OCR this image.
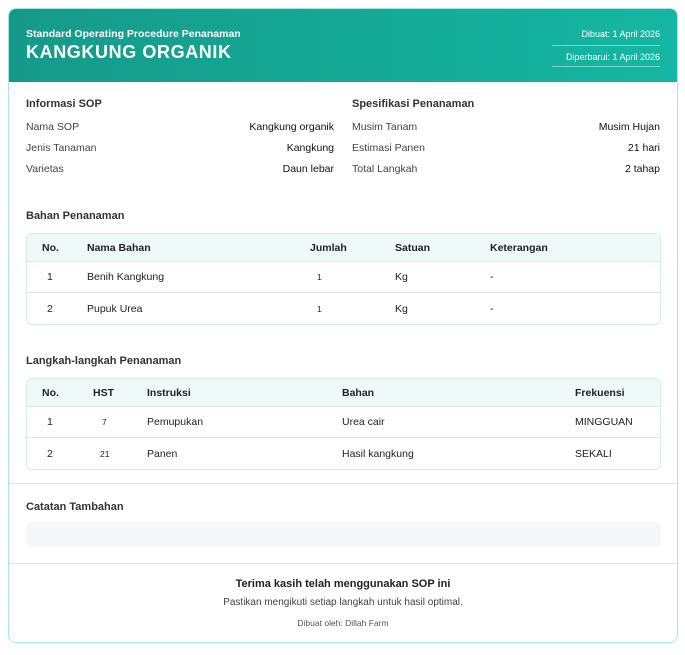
Standard Operating Procedure Penanaman
KANGKUNG ORGANIK
Dibuat: 1 April 2026
Diperbarui: 1 April 2026
Informasi SOP
Nama SOP	Kangkung organik
Jenis Tanaman	Kangkung
Varietas	Daun lebar
Spesifikasi Penanaman
Musim Tanam	Musim Hujan
Estimasi Panen	21 hari
Total Langkah	2 tahap
Bahan Penanaman
No.	Nama Bahan	Jumlah	Satuan	Keterangan
1	Benih Kangkung	1	Kg	-
2	Pupuk Urea	1	Kg	-
Langkah-langkah Penanaman
No.	HST	Instruksi	Bahan	Frekuensi
1	7	Pemupukan	Urea cair	MINGGUAN
2	21	Panen	Hasil kangkung	SEKALI
Catatan Tambahan
Terima kasih telah menggunakan SOP ini
Pastikan mengikuti setiap langkah untuk hasil optimal.
Dibuat oleh: Dillah Farm
